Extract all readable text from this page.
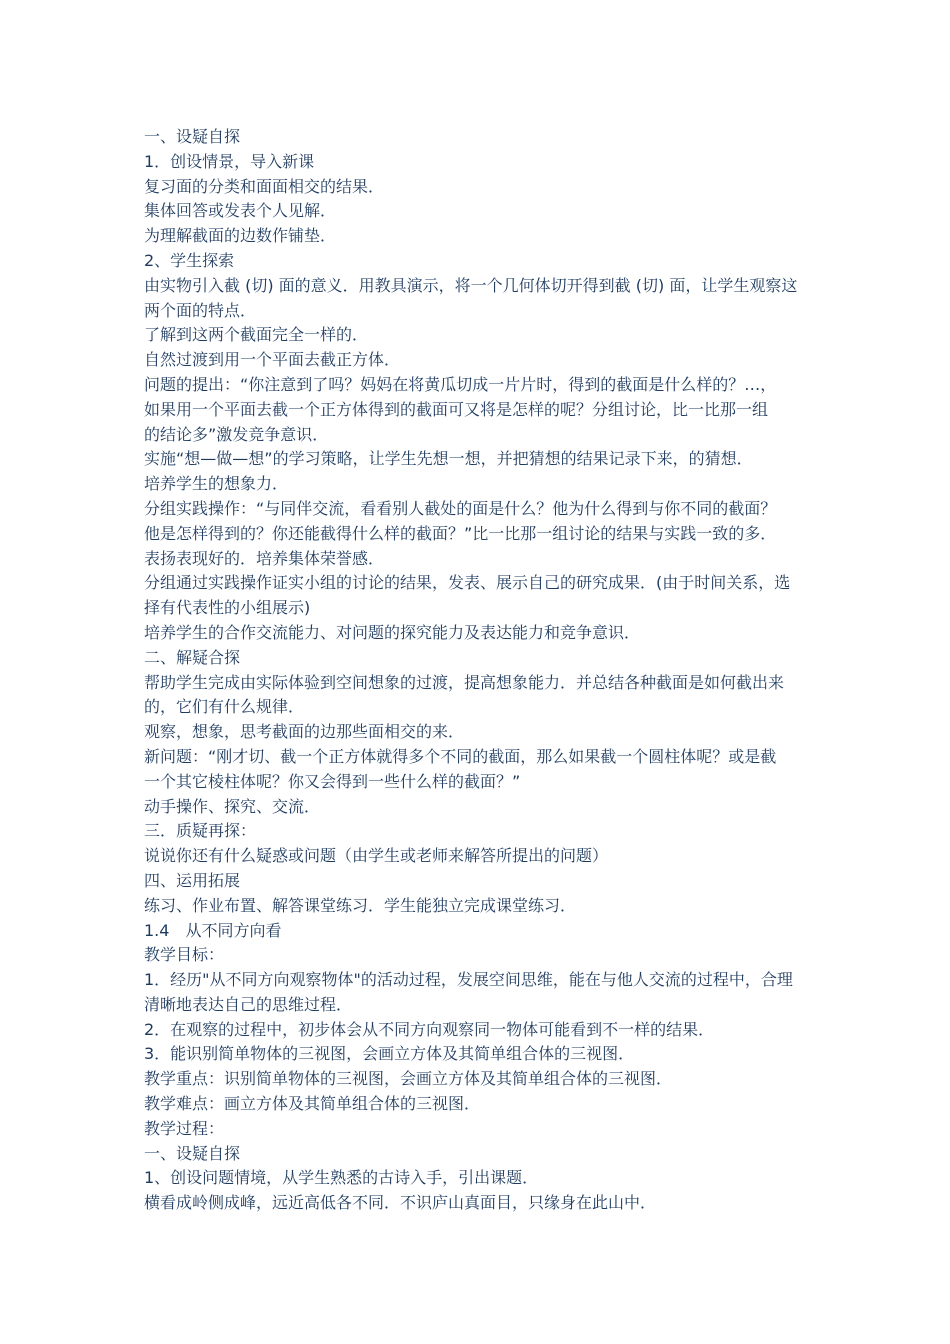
一、设疑自探

1．创设情景，导入新课

复习面的分类和面面相交的结果．

集体回答或发表个人见解．

为理解截面的边数作铺垫．

2、学生探索

由实物引入截 (切) 面的意义．用教具演示，将一个几何体切开得到截 (切) 面，让学生观察这

两个面的特点．

了解到这两个截面完全一样的．

自然过渡到用一个平面去截正方体．

问题的提出：“你注意到了吗？妈妈在将黄瓜切成一片片时，得到的截面是什么样的？…，

如果用一个平面去截一个正方体得到的截面可又将是怎样的呢？分组讨论，比一比那一组

的结论多”激发竞争意识．

实施“想—做—想”的学习策略，让学生先想一想，并把猜想的结果记录下来，的猜想．

培养学生的想象力．

分组实践操作：“与同伴交流，看看别人截处的面是什么？他为什么得到与你不同的截面？

他是怎样得到的？你还能截得什么样的截面？”比一比那一组讨论的结果与实践一致的多．

表扬表现好的．培养集体荣誉感．

分组通过实践操作证实小组的讨论的结果，发表、展示自己的研究成果．(由于时间关系，选

择有代表性的小组展示)

培养学生的合作交流能力、对问题的探究能力及表达能力和竞争意识．

二、解疑合探

帮助学生完成由实际体验到空间想象的过渡，提高想象能力．并总结各种截面是如何截出来

的，它们有什么规律．

观察，想象，思考截面的边那些面相交的来．

新问题：“刚才切、截一个正方体就得多个不同的截面，那么如果截一个圆柱体呢？或是截

一个其它棱柱体呢？你又会得到一些什么样的截面？”

动手操作、探究、交流．

三．质疑再探：

说说你还有什么疑惑或问题（由学生或老师来解答所提出的问题）

四、运用拓展

练习、作业布置、解答课堂练习．学生能独立完成课堂练习．

1.4　从不同方向看

教学目标：

1．经历"从不同方向观察物体"的活动过程，发展空间思维，能在与他人交流的过程中，合理

清晰地表达自己的思维过程．

2．在观察的过程中，初步体会从不同方向观察同一物体可能看到不一样的结果．

3．能识别简单物体的三视图，会画立方体及其简单组合体的三视图．

教学重点：识别简单物体的三视图，会画立方体及其简单组合体的三视图．

教学难点：画立方体及其简单组合体的三视图．

教学过程：

一、设疑自探

1、创设问题情境，从学生熟悉的古诗入手，引出课题．

横看成岭侧成峰，远近高低各不同．不识庐山真面目，只缘身在此山中．
